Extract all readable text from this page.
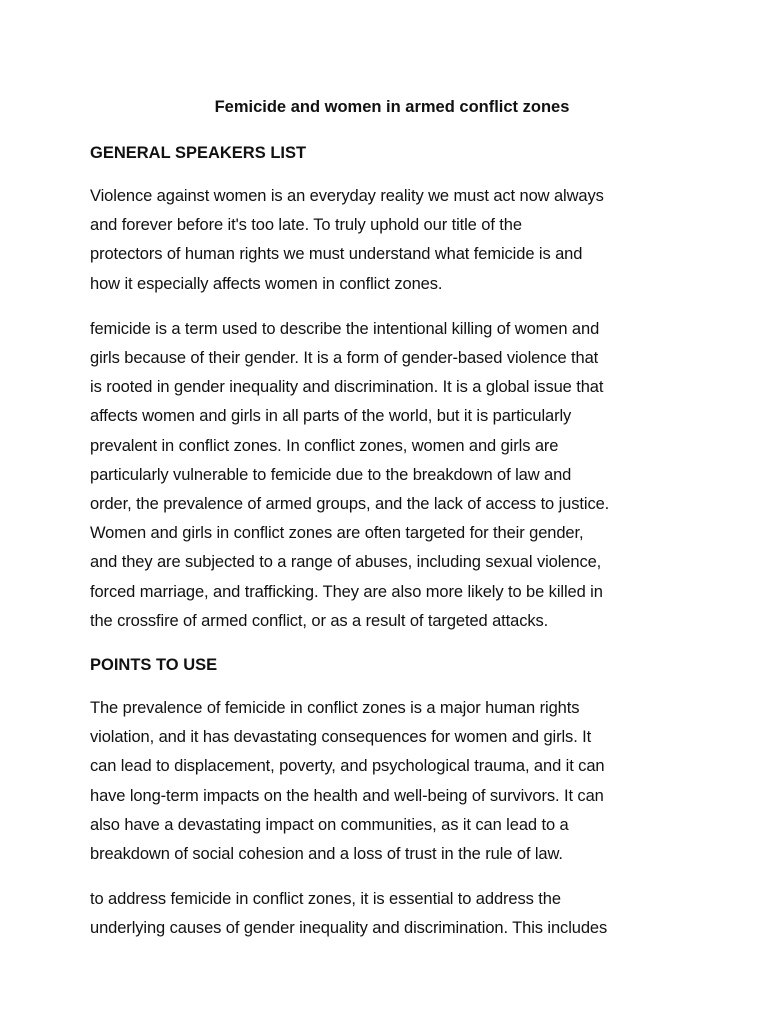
Femicide and women in armed conflict zones
GENERAL SPEAKERS LIST
Violence against women is an everyday reality we must act now always
and forever before it's too late. To truly uphold our title of the
protectors of human rights we must understand what femicide is and
how it especially affects women in conflict zones.
femicide is a term used to describe the intentional killing of women and
girls because of their gender. It is a form of gender-based violence that
is rooted in gender inequality and discrimination. It is a global issue that
affects women and girls in all parts of the world, but it is particularly
prevalent in conflict zones. In conflict zones, women and girls are
particularly vulnerable to femicide due to the breakdown of law and
order, the prevalence of armed groups, and the lack of access to justice.
Women and girls in conflict zones are often targeted for their gender,
and they are subjected to a range of abuses, including sexual violence,
forced marriage, and trafficking. They are also more likely to be killed in
the crossfire of armed conflict, or as a result of targeted attacks.
POINTS TO USE
The prevalence of femicide in conflict zones is a major human rights
violation, and it has devastating consequences for women and girls. It
can lead to displacement, poverty, and psychological trauma, and it can
have long-term impacts on the health and well-being of survivors. It can
also have a devastating impact on communities, as it can lead to a
breakdown of social cohesion and a loss of trust in the rule of law.
to address femicide in conflict zones, it is essential to address the
underlying causes of gender inequality and discrimination. This includes
